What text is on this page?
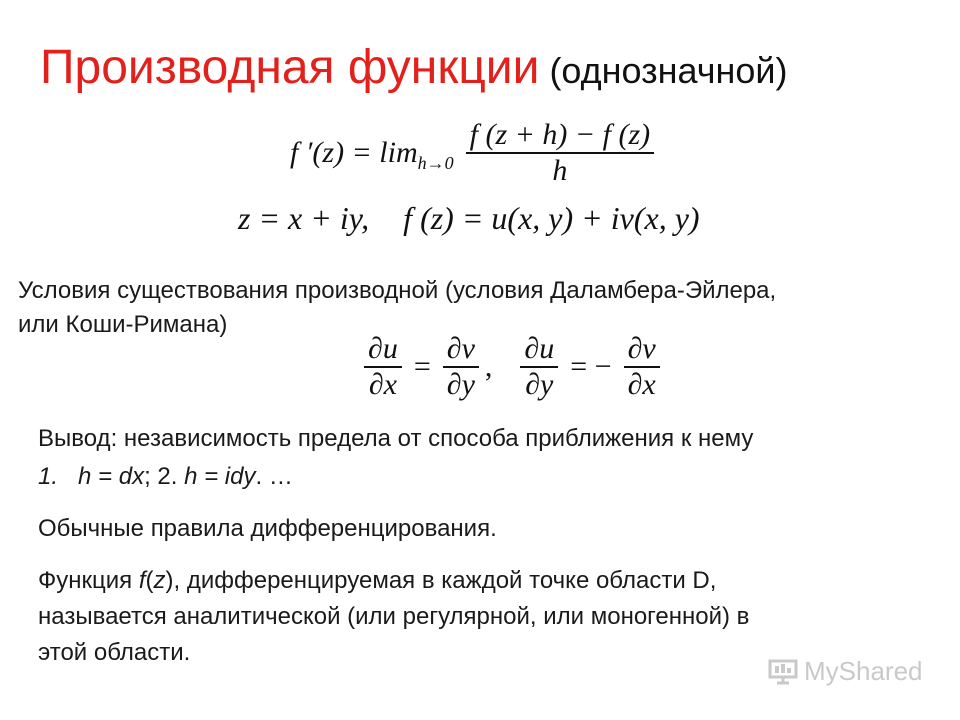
Производная функции (однозначной)
f $'(z) = \lim h\to 0 \frac{f (z + h) - f (z)}{h}$
z = x + iy, f (z) = u(x, y) + iv(x, y)
Условия существования производной (условия Даламбера-Эйлера,
или Коши-Римана)
$\frac{\partial u}{\partial x} = \frac{\partial v}{\partial y}$ , $\frac{\partial u}{\partial y}$ = − $\frac{\partial v}{\partial x}$
Вывод: независимость предела от способа приближения к нему
1. h = dx; 2. h = idy. …
Обычные правила дифференцирования.
Функция f(z), дифференцируемая в каждой точке области D,
называется аналитической (или регулярной, или моногенной) в
этой области.
MyShared
